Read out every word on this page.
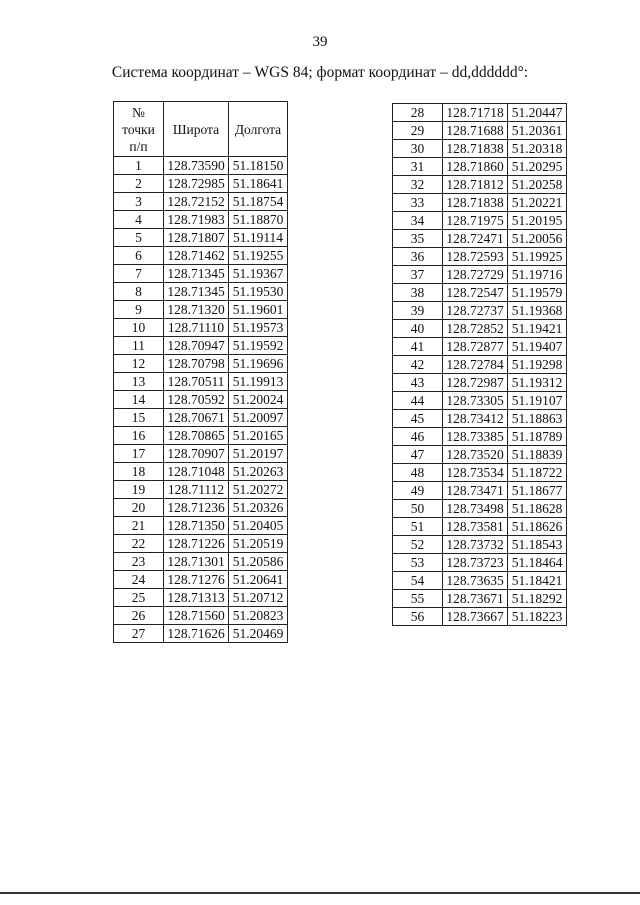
39
Система координат – WGS 84; формат координат – dd,dddddd°:
№
точки
п/п	Широта	Долгота
1	128.73590	51.18150
2	128.72985	51.18641
3	128.72152	51.18754
4	128.71983	51.18870
5	128.71807	51.19114
6	128.71462	51.19255
7	128.71345	51.19367
8	128.71345	51.19530
9	128.71320	51.19601
10	128.71110	51.19573
11	128.70947	51.19592
12	128.70798	51.19696
13	128.70511	51.19913
14	128.70592	51.20024
15	128.70671	51.20097
16	128.70865	51.20165
17	128.70907	51.20197
18	128.71048	51.20263
19	128.71112	51.20272
20	128.71236	51.20326
21	128.71350	51.20405
22	128.71226	51.20519
23	128.71301	51.20586
24	128.71276	51.20641
25	128.71313	51.20712
26	128.71560	51.20823
27	128.71626	51.20469
28	128.71718	51.20447
29	128.71688	51.20361
30	128.71838	51.20318
31	128.71860	51.20295
32	128.71812	51.20258
33	128.71838	51.20221
34	128.71975	51.20195
35	128.72471	51.20056
36	128.72593	51.19925
37	128.72729	51.19716
38	128.72547	51.19579
39	128.72737	51.19368
40	128.72852	51.19421
41	128.72877	51.19407
42	128.72784	51.19298
43	128.72987	51.19312
44	128.73305	51.19107
45	128.73412	51.18863
46	128.73385	51.18789
47	128.73520	51.18839
48	128.73534	51.18722
49	128.73471	51.18677
50	128.73498	51.18628
51	128.73581	51.18626
52	128.73732	51.18543
53	128.73723	51.18464
54	128.73635	51.18421
55	128.73671	51.18292
56	128.73667	51.18223
